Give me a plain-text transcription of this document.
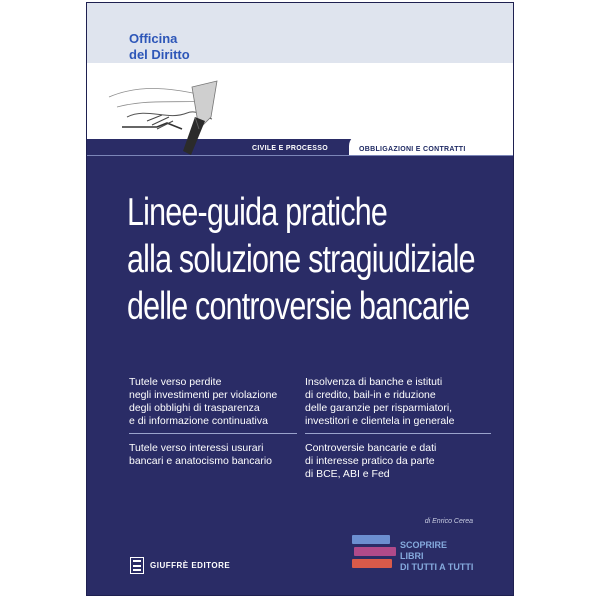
Officina
del Diritto
CIVILE E PROCESSO	OBBLIGAZIONI E CONTRATTI
Linee-guida pratiche
alla soluzione stragiudiziale
delle controversie bancarie

Tutele verso perdite

negli investimenti per violazione

degli obblighi di trasparenza

e di informazione continuativa

Tutele verso interessi usurari

bancari e anatocismo bancario

Insolvenza di banche e istituti

di credito, bail-in e riduzione

delle garanzie per risparmiatori,

investitori e clientela in generale

Controversie bancarie e dati

di interesse pratico da parte

di BCE, ABI e Fed

di Enrico Cerea
GIUFFRÈ EDITORE
SCOPRIRE
LIBRI
DI TUTTI A TUTTI
